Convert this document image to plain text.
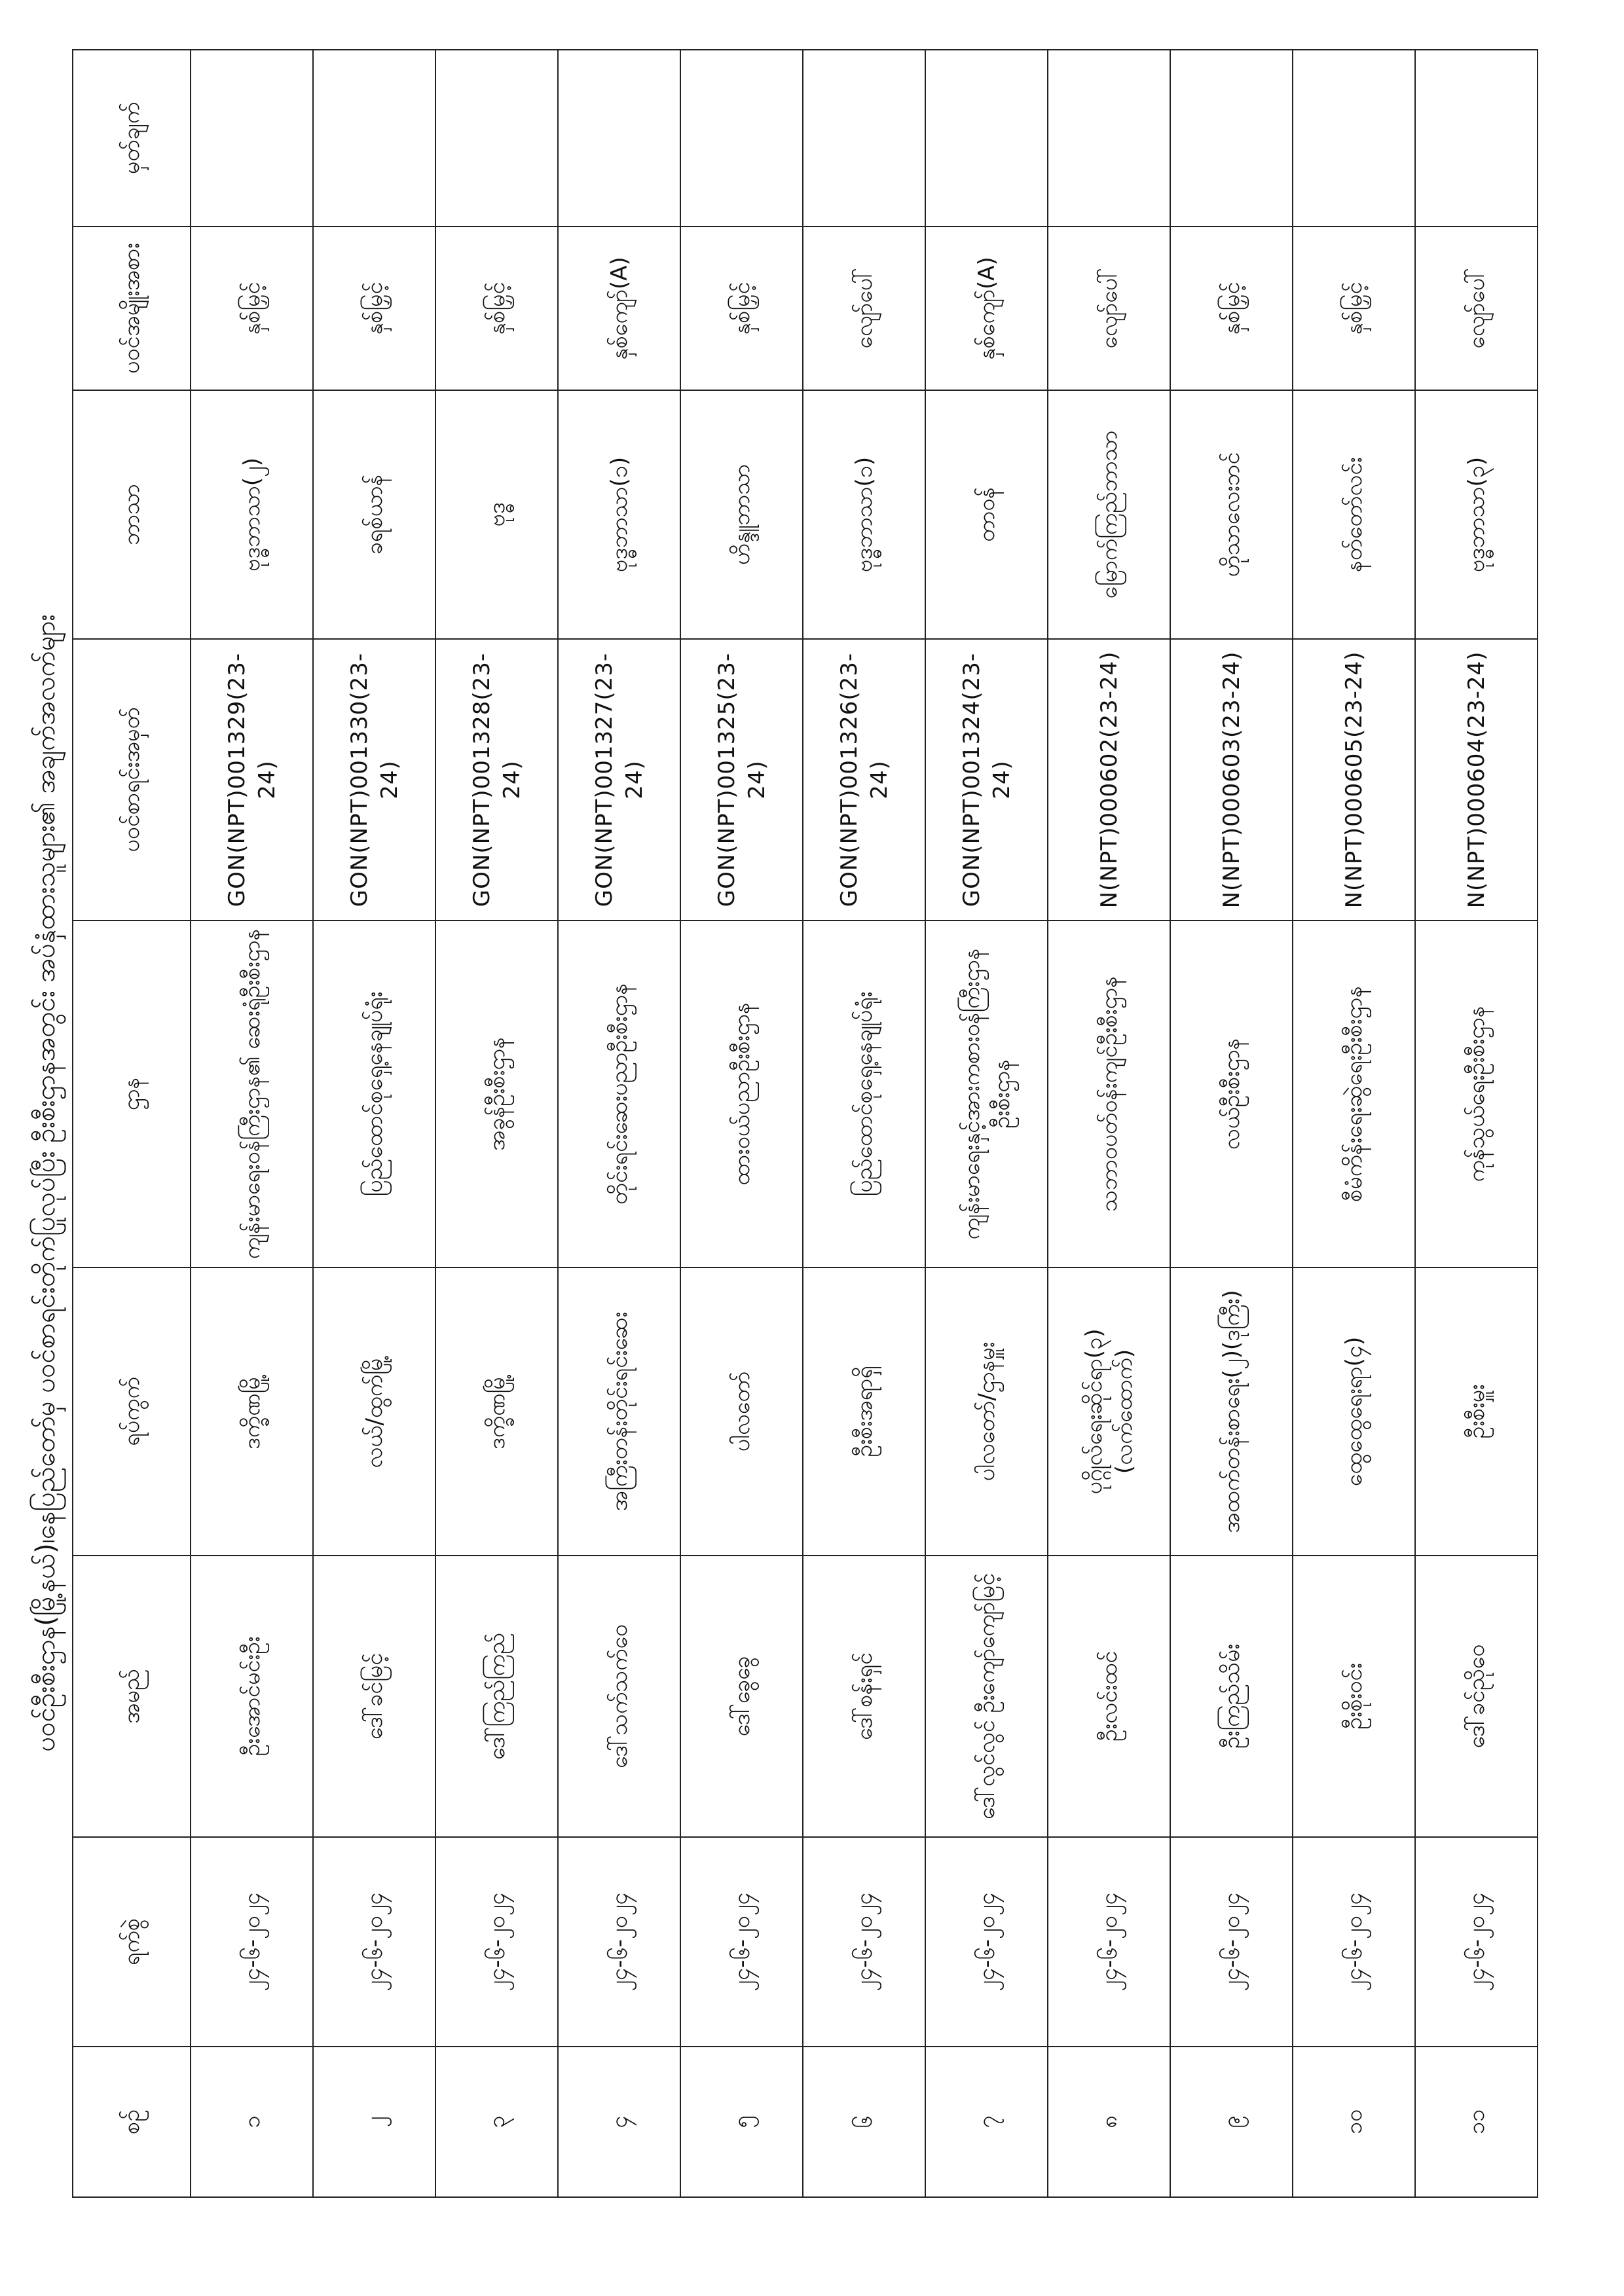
ပဝင်ဦးစီးဌာန(မြို့နယ်)၊နေပြည်တော်မှ ပဝင်စာရင်းတိုက်ပြုလုပ်ပြီး ဦးစီးဌာနအတွင်း အပ်နှံထားသူများ၏ အချက်အလက်များ
စဉ်	ရက်စွဲ	အမည်	ရပ်ကွက်	ဌာန	ပဝင်စာရင်းအမှတ်	ဘာသာ	ပဝင်အမျိုးအစား	မှတ်ချက်
၁	၂၄-၆-၂၀၂၄	ဦးအောင်မင်းဦး	ဒက္ခိဏမြို့	ကျန်းမာရေးဝန်ကြီးဌာန၏ ဆေးရုံဦးစီးဌာန	GON(NPT)001329(23-24)	ဗုဒ္ဓဘာသာ(၂)	နှစ်မြှင့်	
၂	၂၄-၆-၂၀၂၄	ဒေါ်ခင်မြင့်	လယ်/ထွက်မြို့	ပြည်ထောင်စုရှေ့နေချုပ်ရုံး	GON(NPT)001330(23-24)	ခရစ်ယာန်	နှစ်မြှင့်	
၃	၂၄-၆-၂၀၂၄	ဒေါ်ကြည်ကြည်	ဒက္ခိဏမြို့	အခွန်ဦးစီးဌာန	GON(NPT)001328(23-24)	ဗုဒ္ဓ	နှစ်မြှင့်	
၄	၂၄-၆-၂၀၂၄	ဒေါ်သက်သက်ဝေ	အကြီးတန်းတိုင်းရင်းဆေး	တိုင်းရင်းဆေးပညာဦးစီးဌာန	GON(NPT)001327(23-24)	ဗုဒ္ဓဘာသာ(၁)	နှစ်ကျော်(A)	
၅	၂၄-၆-၂၀၂၄	ဒေါ်ခွေခွေ	ပါလတော်	ထားဝယ်ပညာဦးစီးဌာန	GON(NPT)001325(23-24)	ဟိန္ဒူဘာသာ	နှစ်မြှင့်	
၆	၂၄-၆-၂၀၂၄	ဒေါ်စန်းရှင်	ဦးစီးအရာရှိ	ပြည်ထောင်စုရှေ့နေချုပ်ရုံး	GON(NPT)001326(23-24)	ဗုဒ္ဓဘာသာ(၁)	လျော်ပေါ်	
၇	၂၄-၆-၂၀၂၄	ဒေါ်လွင်လွင် ဦးကျော်ကျော်မြင့်	ပါလတော်/ဌာနမှူး	ကျန်းမာရေးနှင့်အားကစားဝန်ကြီးဌာန ဦးစီးဌာန	GON(NPT)001324(23-24)	တာဝန်	နှစ်ကျော်(A)	
၈	၂၄-၆-၂၀၂၄	ဦးလင်းထင်	ပုဂ္ဂိုလ်ရေးဆိုင်ရာ(၃)(လက်ထောက်)	သဘာဝပတ်ဝန်းကျင်ဦးစီးဌာန	N(NPT)000602(23-24)	မြောက်ကြည်ဘာသာ	လျော်ပေါ်	
၉	၂၄-၆-၂၀၂၄	ဦးကြည်သိမ်း	အထက်တန်းစာရေး(၂)(ဒုကြီး)	လယ်ဦးစီးဌာန	N(NPT)000603(23-24)	ဟိုသာလေးဘင်	နှစ်မြှင့်	
၁၀	၂၄-၆-၂၀၂၄	ဦးစိုးဝင်း	ထွေထွေရေးရာ(၄)	စီမံကိန်းရေးဆွဲရေးဦးစီးဌာန	N(NPT)000605(23-24)	နတ်တော်လင်း	နှစ်မြှင့်	
၁၁	၂၄-၆-၂၀၂၄	ဒေါ်ခင်ညိုဝေ	ဦးစီးမှူး	ကုန်သွယ်ရေးဦးစီးဌာန	N(NPT)000604(23-24)	ဗုဒ္ဓဘာသာ(၃)	လျော်ပေါ်	
